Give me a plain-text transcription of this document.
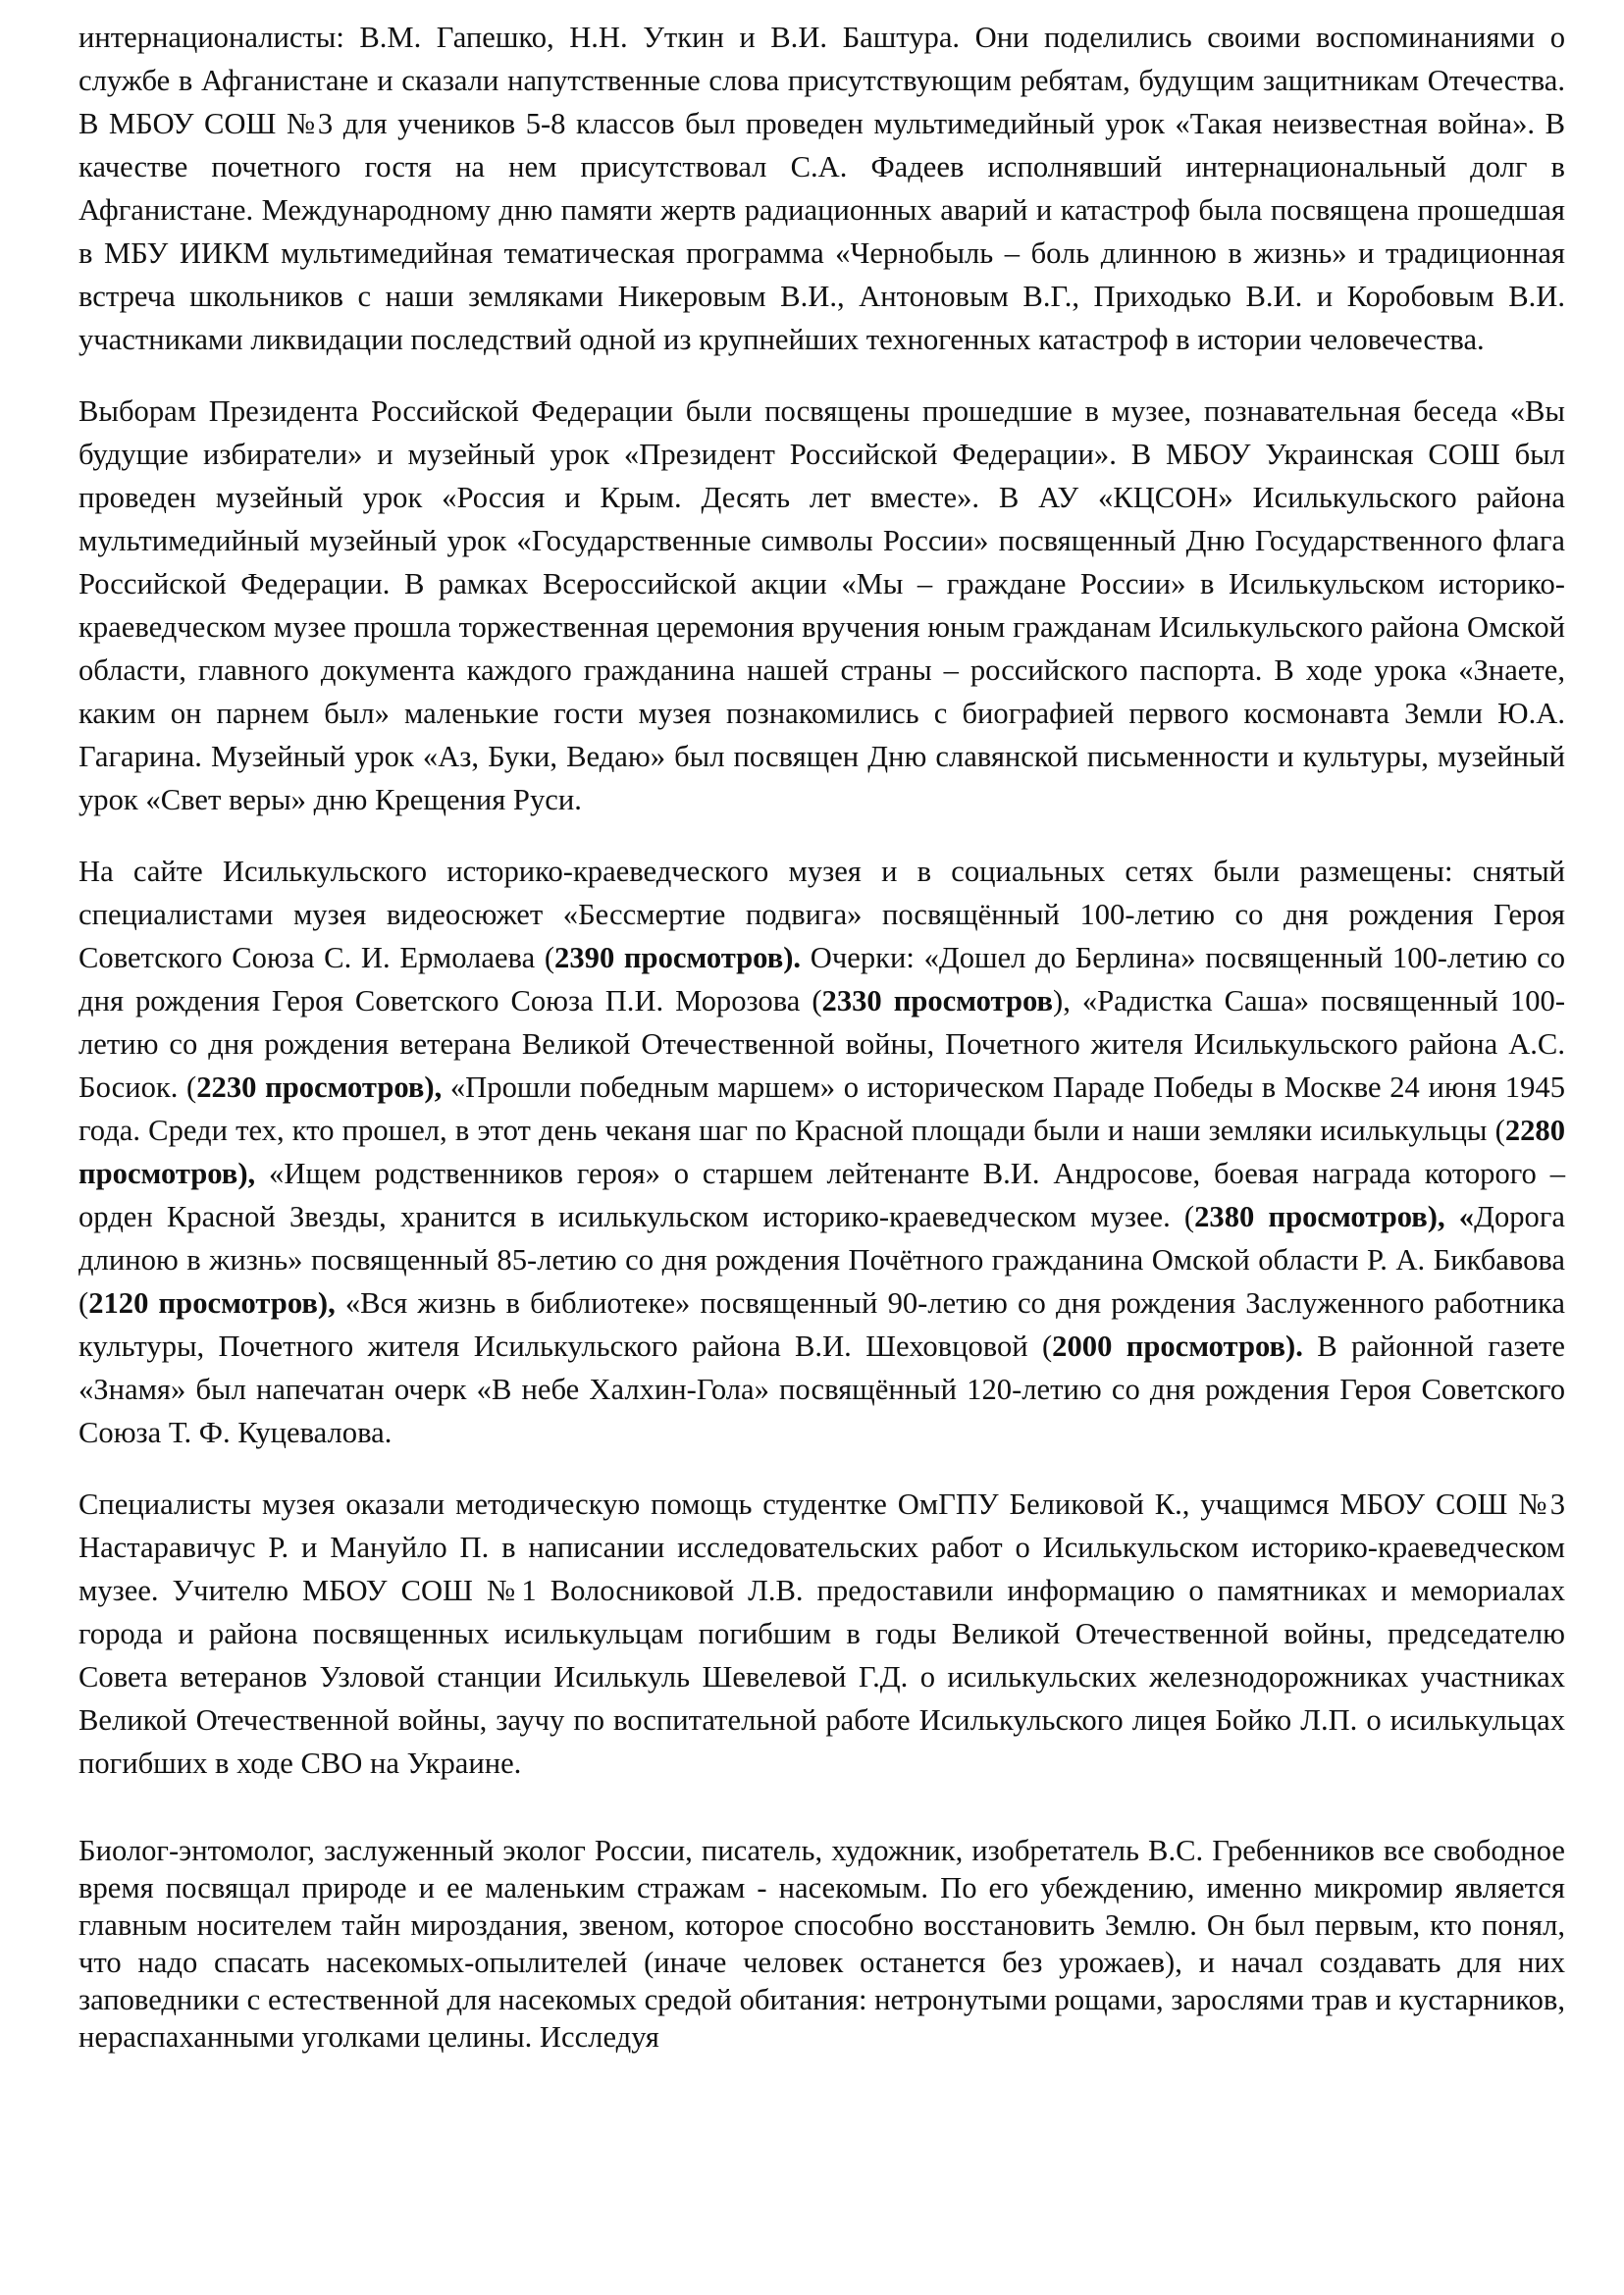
интернационалисты: В.М. Гапешко, Н.Н. Уткин и В.И. Баштура. Они поделились своими воспоминаниями о службе в Афганистане и сказали напутственные слова присутствующим ребятам, будущим защитникам Отечества. В МБОУ СОШ №3 для учеников 5-8 классов был проведен мультимедийный урок «Такая неизвестная война». В качестве почетного гостя на нем присутствовал С.А. Фадеев исполнявший интернациональный долг в Афганистане. Международному дню памяти жертв радиационных аварий и катастроф была посвящена прошедшая в МБУ ИИКМ мультимедийная тематическая программа «Чернобыль – боль длинною в жизнь» и традиционная встреча школьников с наши земляками Никеровым В.И., Антоновым В.Г., Приходько В.И. и Коробовым В.И. участниками ликвидации последствий одной из крупнейших техногенных катастроф в истории человечества.

Выборам Президента Российской Федерации были посвящены прошедшие в музее, познавательная беседа «Вы будущие избиратели» и музейный урок «Президент Российской Федерации». В МБОУ Украинская СОШ был проведен музейный урок «Россия и Крым. Десять лет вместе». В АУ «КЦСОН» Исилькульского района мультимедийный музейный урок «Государственные символы России» посвященный Дню Государственного флага Российской Федерации. В рамках Всероссийской акции «Мы – граждане России» в Исилькульском историко-краеведческом музее прошла торжественная церемония вручения юным гражданам Исилькульского района Омской области, главного документа каждого гражданина нашей страны – российского паспорта. В ходе урока «Знаете, каким он парнем был» маленькие гости музея познакомились с биографией первого космонавта Земли Ю.А. Гагарина. Музейный урок «Аз, Буки, Ведаю» был посвящен Дню славянской письменности и культуры, музейный урок «Свет веры» дню Крещения Руси.

На сайте Исилькульского историко-краеведческого музея и в социальных сетях были размещены: снятый специалистами музея видеосюжет «Бессмертие подвига» посвящённый 100-летию со дня рождения Героя Советского Союза С. И. Ермолаева (2390 просмотров). Очерки: «Дошел до Берлина» посвященный 100-летию со дня рождения Героя Советского Союза П.И. Морозова (2330 просмотров), «Радистка Саша» посвященный 100-летию со дня рождения ветерана Великой Отечественной войны, Почетного жителя Исилькульского района А.С. Босиок. (2230 просмотров), «Прошли победным маршем» о историческом Параде Победы в Москве 24 июня 1945 года. Среди тех, кто прошел, в этот день чеканя шаг по Красной площади были и наши земляки исилькульцы (2280 просмотров), «Ищем родственников героя» о старшем лейтенанте В.И. Андросове, боевая награда которого – орден Красной Звезды, хранится в исилькульском историко-краеведческом музее. (2380 просмотров), «Дорога длиною в жизнь» посвященный 85-летию со дня рождения Почётного гражданина Омской области Р. А. Бикбавова (2120 просмотров), «Вся жизнь в библиотеке» посвященный 90-летию со дня рождения Заслуженного работника культуры, Почетного жителя Исилькульского района В.И. Шеховцовой (2000 просмотров). В районной газете «Знамя» был напечатан очерк «В небе Халхин-Гола» посвящённый 120-летию со дня рождения Героя Советского Союза Т. Ф. Куцевалова.

Специалисты музея оказали методическую помощь студентке ОмГПУ Беликовой К., учащимся МБОУ СОШ №3 Настаравичус Р. и Мануйло П. в написании исследовательских работ о Исилькульском историко-краеведческом музее. Учителю МБОУ СОШ №1 Волосниковой Л.В. предоставили информацию о памятниках и мемориалах города и района посвященных исилькульцам погибшим в годы Великой Отечественной войны, председателю Совета ветеранов Узловой станции Исилькуль Шевелевой Г.Д. о исилькульских железнодорожниках участниках Великой Отечественной войны, заучу по воспитательной работе Исилькульского лицея Бойко Л.П. о исилькульцах погибших в ходе СВО на Украине.

Биолог-энтомолог, заслуженный эколог России, писатель, художник, изобретатель В.С. Гребенников все свободное время посвящал природе и ее маленьким стражам - насекомым. По его убеждению, именно микромир является главным носителем тайн мироздания, звеном, которое способно восстановить Землю. Он был первым, кто понял, что надо спасать насекомых-опылителей (иначе человек останется без урожаев), и начал создавать для них заповедники с естественной для насекомых средой обитания: нетронутыми рощами, зарослями трав и кустарников, нераспаханными уголками целины. Исследуя
